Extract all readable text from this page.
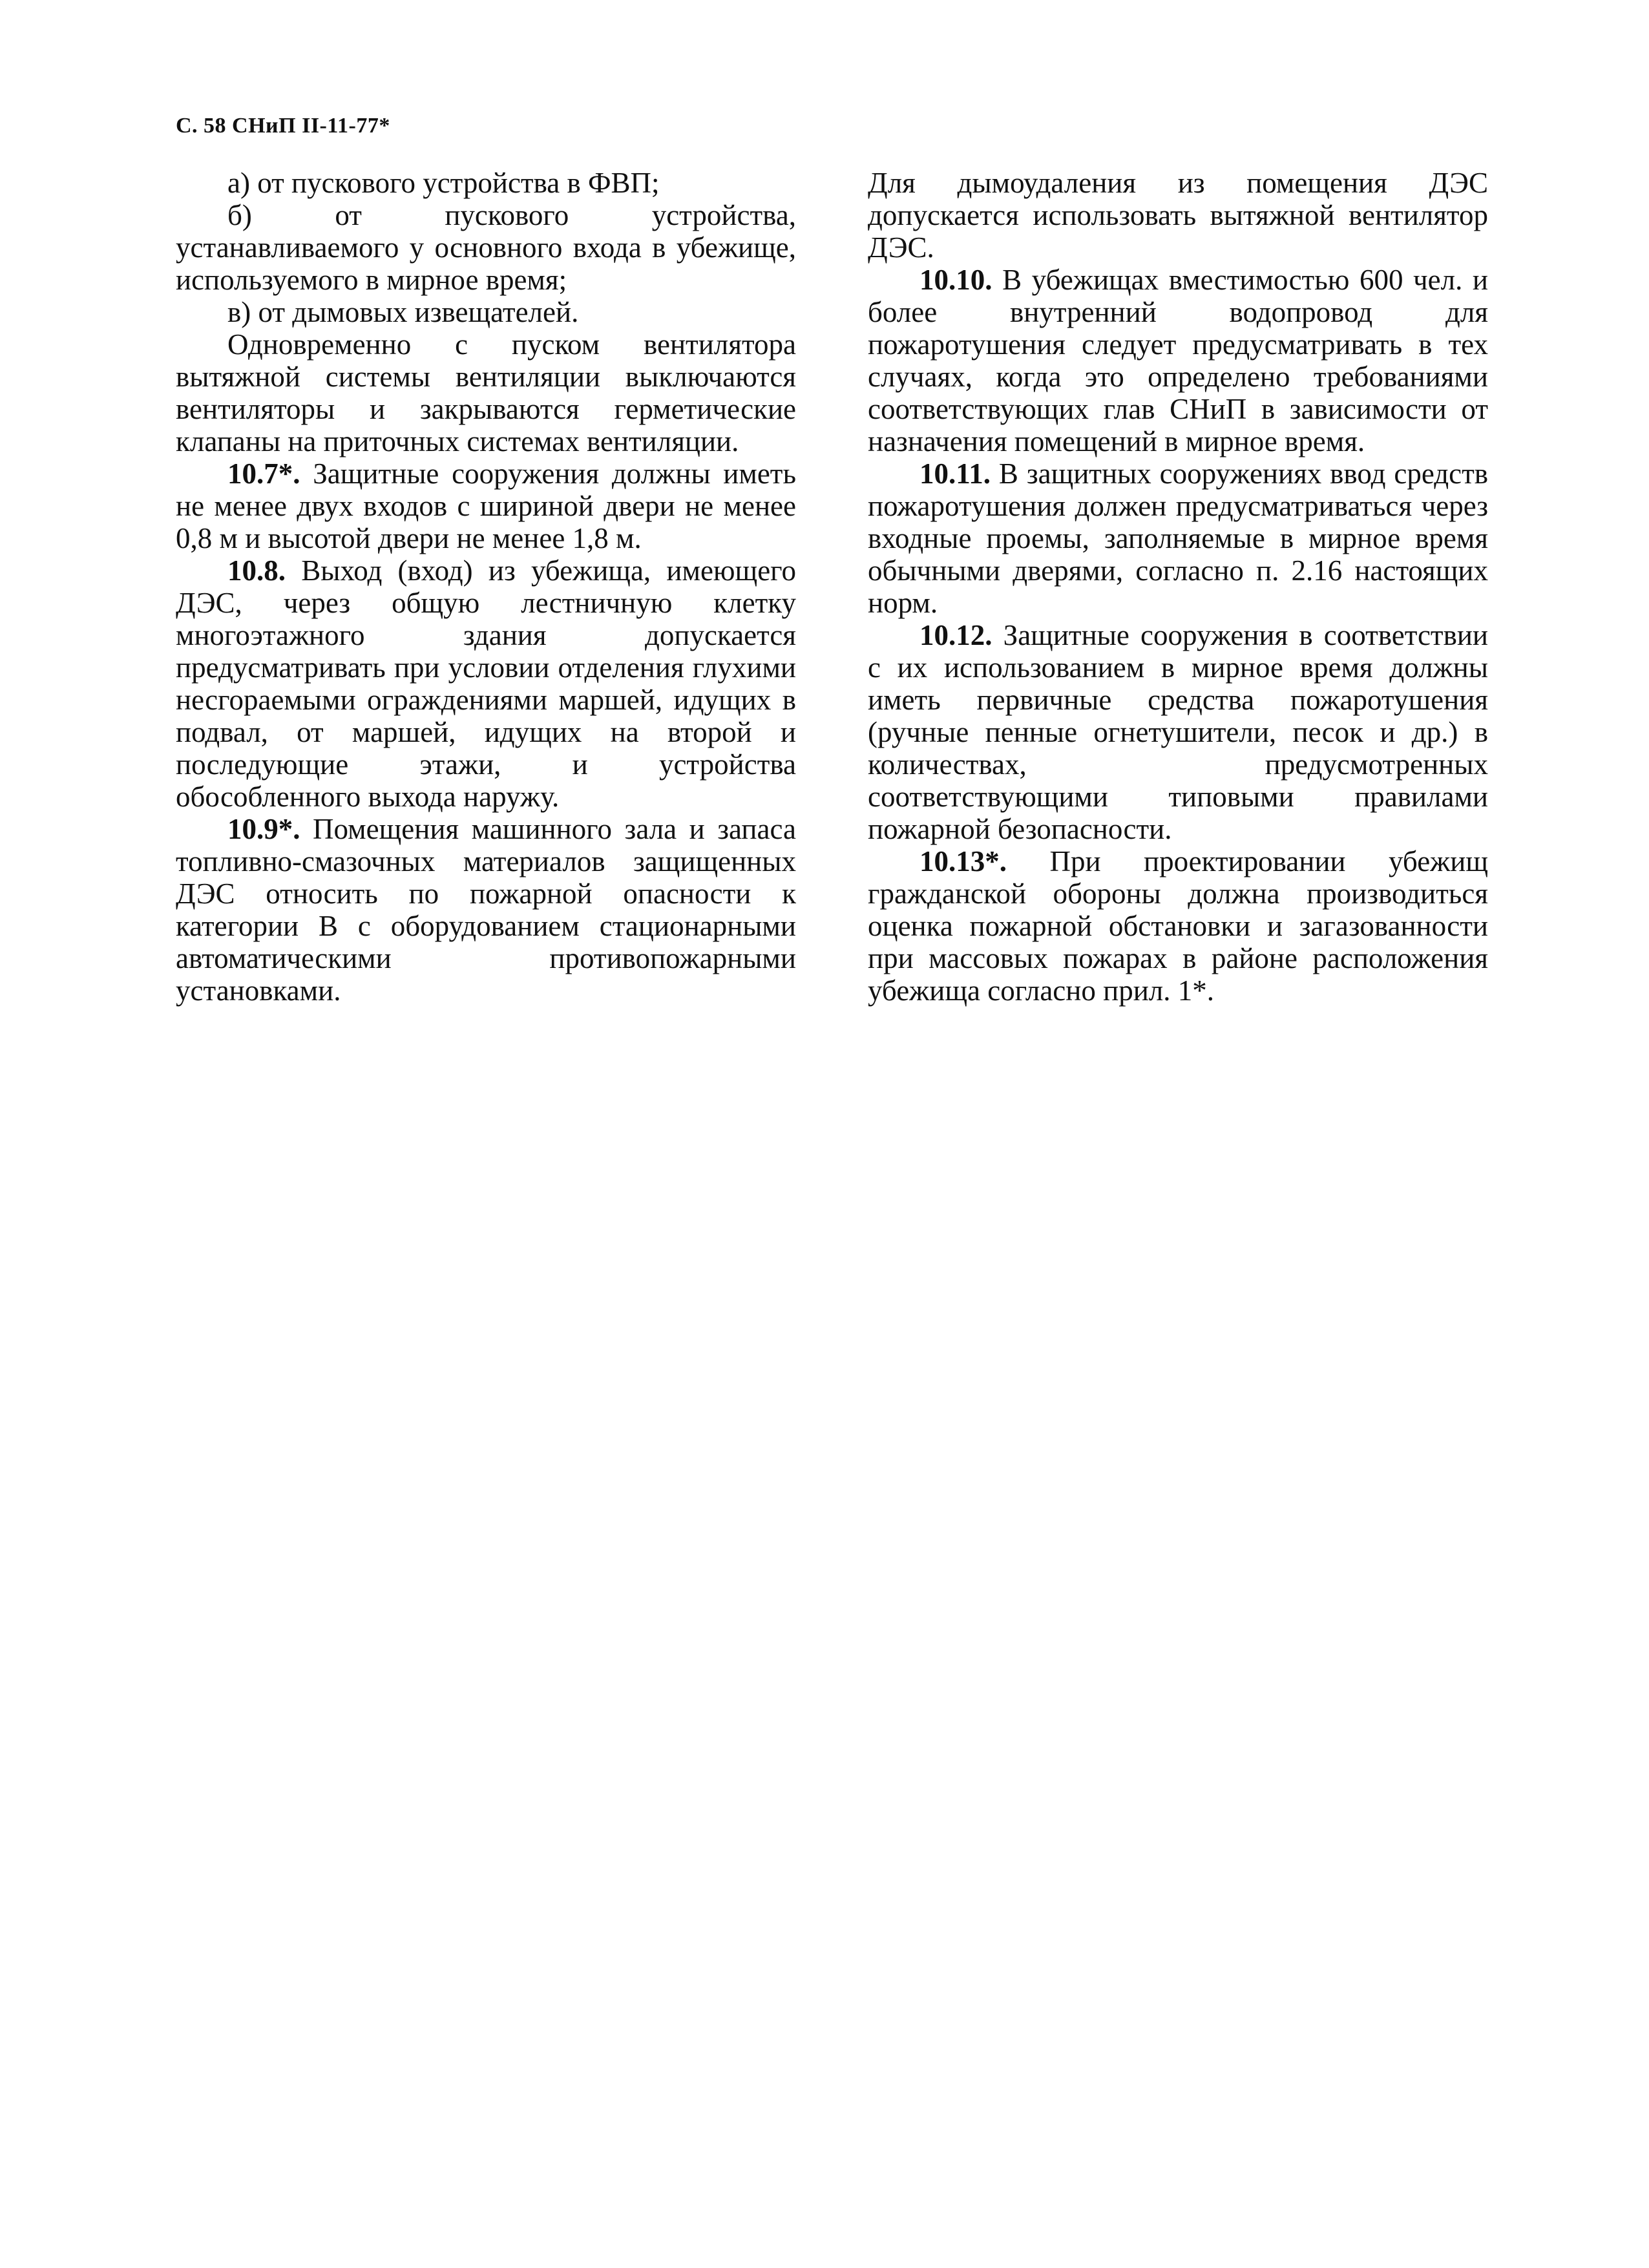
С. 58 СНиП II-11-77*

а) от пускового устройства в ФВП;

б) от пускового устройства, устанавливаемого у основного входа в убежище, используемого в мирное время;

в) от дымовых извещателей.

Одновременно с пуском вентилятора вытяжной системы вентиляции выключаются вентиляторы и закрываются герметические клапаны на приточных системах вентиляции.

10.7*. Защитные сооружения должны иметь не менее двух входов с шириной двери не менее 0,8 м и высотой двери не менее 1,8 м.

10.8. Выход (вход) из убежища, имеющего ДЭС, через общую лестничную клетку многоэтажного здания допускается предусматривать при условии отделения глухими несгораемыми ограждениями маршей, идущих в подвал, от маршей, идущих на второй и последующие этажи, и устройства обособленного выхода наружу.

10.9*. Помещения машинного зала и запаса топливно-смазочных материалов защищенных ДЭС относить по пожарной опасности к категории В с оборудованием стационарными автоматическими противопожарными установками.

Для дымоудаления из помещения ДЭС допускается использовать вытяжной вентилятор ДЭС.

10.10. В убежищах вместимостью 600 чел. и более внутренний водопровод для пожаротушения следует предусматривать в тех случаях, когда это определено требованиями соответствующих глав СНиП в зависимости от назначения помещений в мирное время.

10.11. В защитных сооружениях ввод средств пожаротушения должен предусматриваться через входные проемы, заполняемые в мирное время обычными дверями, согласно п. 2.16 настоящих норм.

10.12. Защитные сооружения в соответствии с их использованием в мирное время должны иметь первичные средства пожаротушения (ручные пенные огнетушители, песок и др.) в количествах, предусмотренных соответствующими типовыми правилами пожарной безопасности.

10.13*. При проектировании убежищ гражданской обороны должна производиться оценка пожарной обстановки и загазованности при массовых пожарах в районе расположения убежища согласно прил. 1*.
